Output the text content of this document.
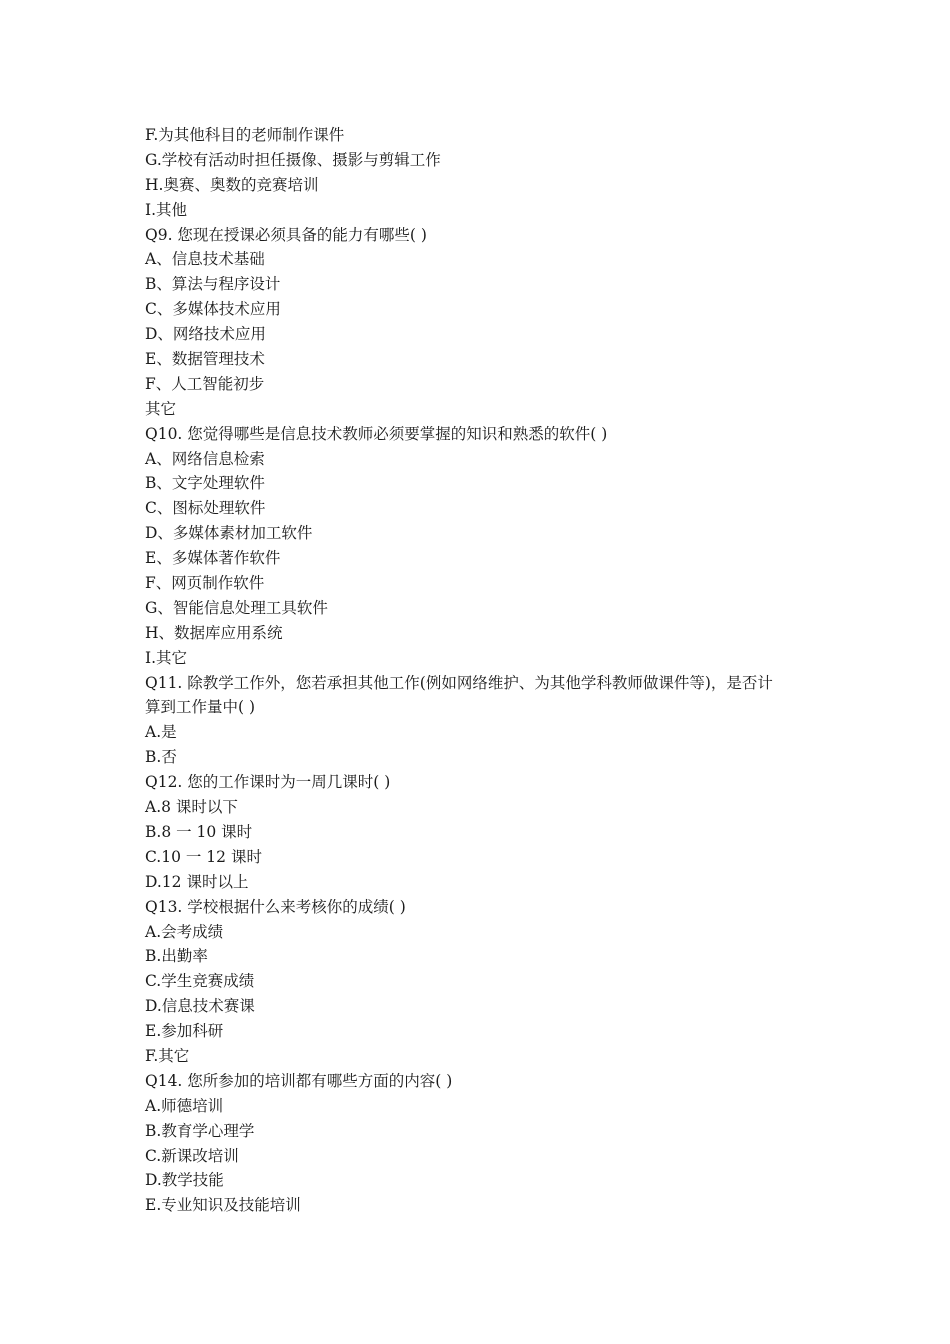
F.为其他科目的老师制作课件
G.学校有活动时担任摄像、摄影与剪辑工作
H.奥赛、奥数的竞赛培训
I.其他
Q9. 您现在授课必须具备的能力有哪些( )
A、信息技术基础
B、算法与程序设计
C、多媒体技术应用
D、网络技术应用
E、数据管理技术
F、人工智能初步
其它
Q10. 您觉得哪些是信息技术教师必须要掌握的知识和熟悉的软件( )
A、网络信息检索
B、文字处理软件
C、图标处理软件
D、多媒体素材加工软件
E、多媒体著作软件
F、网页制作软件
G、智能信息处理工具软件
H、数据库应用系统
I.其它
Q11. 除教学工作外，您若承担其他工作(例如网络维护、为其他学科教师做课件等)，是否计
算到工作量中( )
A.是
B.否
Q12. 您的工作课时为一周几课时( )
A.8 课时以下
B.8 一 10 课时
C.10 一 12 课时
D.12 课时以上
Q13. 学校根据什么来考核你的成绩( )
A.会考成绩
B.出勤率
C.学生竞赛成绩
D.信息技术赛课
E.参加科研
F.其它
Q14. 您所参加的培训都有哪些方面的内容( )
A.师德培训
B.教育学心理学
C.新课改培训
D.教学技能
E.专业知识及技能培训
